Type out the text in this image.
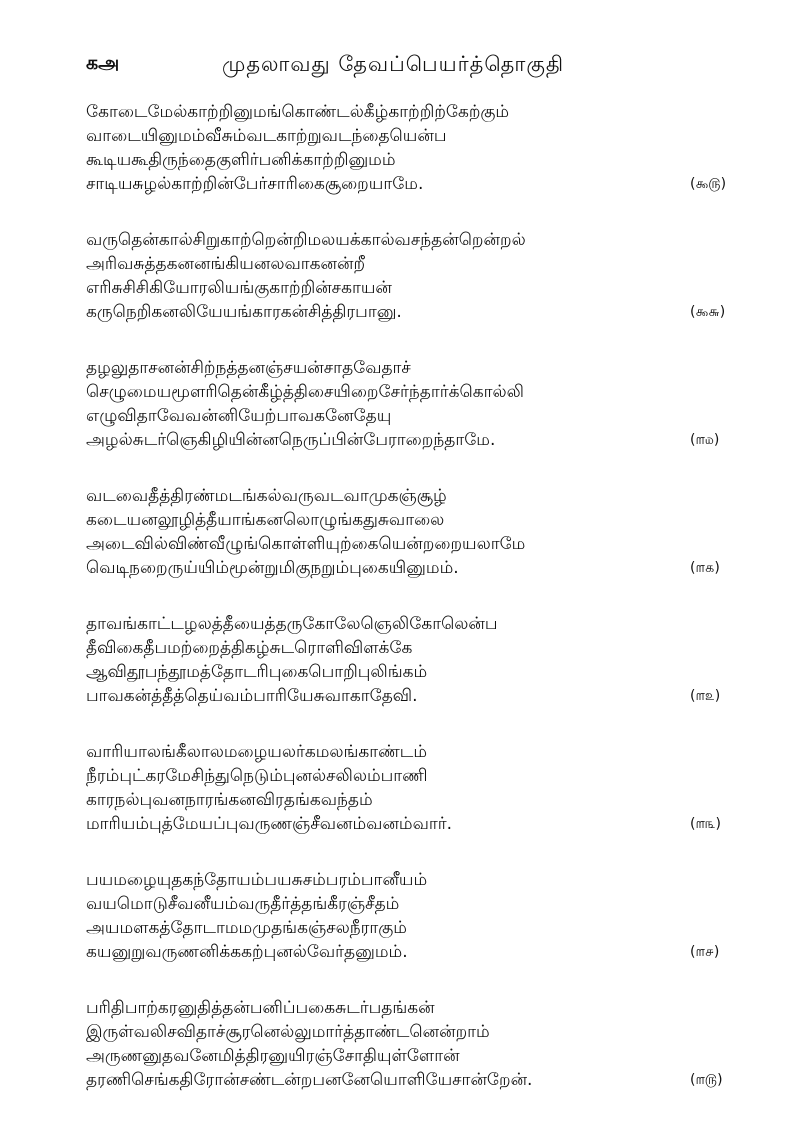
கஅ	முதலாவது தேவப்பெயர்த்தொகுதி
கோடைமேல்காற்றினுமங்கொண்டல்கீழ்காற்றிற்கேற்கும்
வாடையினுமம்வீசும்வடகாற்றுவடந்தையென்ப
கூடியகூதிருந்தைகுளிர்பனிக்காற்றினுமம்
சாடியசுழல்காற்றின்பேர்சாரிகைசூறையாமே.	( ௯௫ )
வருதென்கால்சிறுகாற்றென்றிமலயக்கால்வசந்தன்றென்றல்
அரிவசுத்தகனனங்கியனலவாகனன்றீ
எரிசுசிசிகியோரலியங்குகாற்றின்சகாயன்
கருநெறிகனலியேயங்காரகன்சித்திரபானு.	( ௯௬ )
தழலுதாசனன்சிற்நத்தனஞ்சயன்சாதவேதாச்
செழுமையமூளரிதென்கீழ்த்திசையிறைசேர்ந்தார்க்கொல்லி
எழுவிதாவேவன்னியேற்பாவகனேதேயு
அழல்சுடர்ஞெகிழியின்னநெருப்பின்பேராறைந்தாமே.	( ௱௰ )
வடவைதீத்திரண்மடங்கல்வருவடவாமுகஞ்சூழ்
கடையனலூழித்தீயாங்கனலொழுங்கதுசுவாலை
அடைவில்விண்வீழுங்கொள்ளியுற்கையென்றறையலாமே
வெடிநறைருய்யிம்மூன்றுமிகுநறும்புகையினுமம்.	( ௱௧ )
தாவங்காட்டழலத்தீயைத்தருகோலேஞெலிகோலென்ப
தீவிகைதீபமற்றைத்திகழ்சுடரொளிவிளக்கே
ஆவிதூபந்தூமத்தோடரிபுகைபொறிபுலிங்கம்
பாவகன்த்தீத்தெய்வம்பாரியேசுவாகாதேவி.	( ௱௨ )
வாரியாலங்கீலாலமழையலர்கமலங்காண்டம்
நீரம்புட்கரமேசிந்துநெடும்புனல்சலிலம்பாணி
காரநல்புவனநாரங்கனவிரதங்கவந்தம்
மாரியம்புத்மேயப்புவருணஞ்சீவனம்வனம்வார்.	( ௱௩ )
பயமழையுதகந்தோயம்பயசுசம்பரம்பானீயம்
வயமொடுசீவனீயம்வருதீர்த்தங்கீரஞ்சீதம்
அயமளகத்தோடாமமமுதங்கஞ்சலநீராகும்
கயனுறுவருணனிக்ககற்புனல்வேர்தனுமம்.	( ௱௪ )
பரிதிபாற்கரனுதித்தன்பனிப்பகைசுடர்பதங்கன்
இருள்வலிசவிதாச்சூரனெல்லுமார்த்தாண்டனென்றாம்
அருணனுதவனேமித்திரனுயிரஞ்சோதியுள்ளோன்
தரணிசெங்கதிரோன்சண்டன்றபனனேயொளியேசான்றேன்.	( ௱௫ )
